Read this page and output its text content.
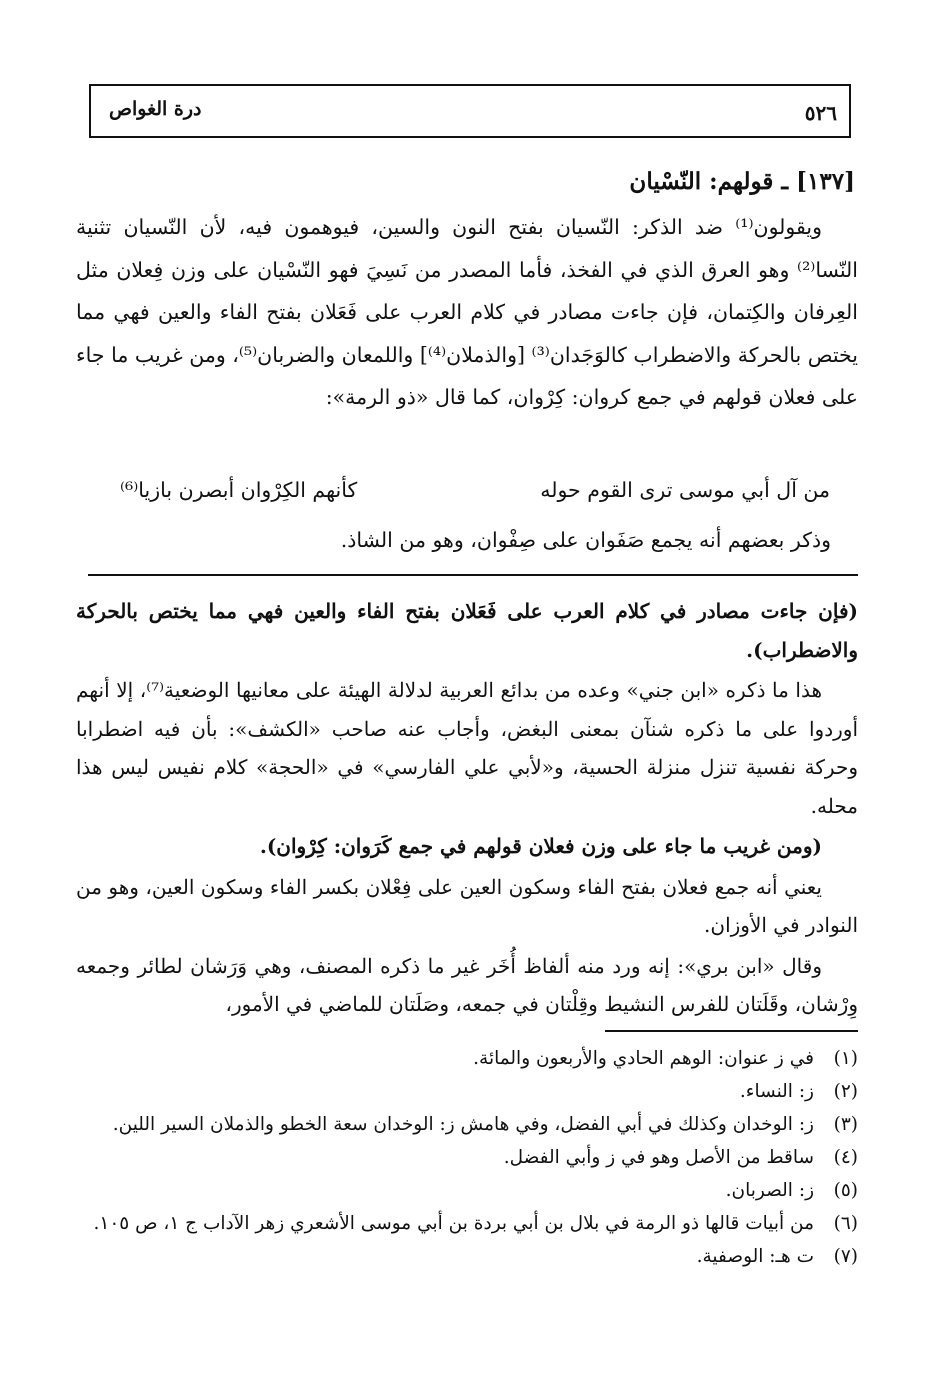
٥٢٦
درة الغواص
[١٣٧] ـ قولهم: النّسْيان

ويقولون⁽¹⁾ ضد الذكر: النّسيان بفتح النون والسين، فيوهمون فيه، لأن النّسيان تثنية النّسا⁽²⁾ وهو العرق الذي في الفخذ، فأما المصدر من نَسِيَ فهو النّسْيان على وزن فِعلان مثل العِرفان والكِتمان، فإن جاءت مصادر في كلام العرب على فَعَلان بفتح الفاء والعين فهي مما يختص بالحركة والاضطراب كالوَجَدان⁽³⁾ [والذملان⁽⁴⁾] واللمعان والضربان⁽⁵⁾، ومن غريب ما جاء على فعلان قولهم في جمع كروان: كِرْوان، كما قال «ذو الرمة»:

من آل أبي موسى ترى القوم حوله
كأنهم الكِرْوان أبصرن بازيا⁽⁶⁾
وذكر بعضهم أنه يجمع صَفَوان على صِفْوان، وهو من الشاذ.

(فإن جاءت مصادر في كلام العرب على فَعَلان بفتح الفاء والعين فهي مما يختص بالحركة والاضطراب).

هذا ما ذكره «ابن جني» وعده من بدائع العربية لدلالة الهيئة على معانيها الوضعية⁽⁷⁾، إلا أنهم أوردوا على ما ذكره شنآن بمعنى البغض، وأجاب عنه صاحب «الكشف»: بأن فيه اضطرابا وحركة نفسية تنزل منزلة الحسية، و«لأبي علي الفارسي» في «الحجة» كلام نفيس ليس هذا محله.

(ومن غريب ما جاء على وزن فعلان قولهم في جمع كَرَوان: كِرْوان).

يعني أنه جمع فعلان بفتح الفاء وسكون العين على فِعْلان بكسر الفاء وسكون العين، وهو من النوادر في الأوزان.

وقال «ابن بري»: إنه ورد منه ألفاظ أُخَر غير ما ذكره المصنف، وهي وَرَشان لطائر وجمعه وِرْشان، وقَلَتان للفرس النشيط وقِلْتان في جمعه، وصَلَتان للماضي في الأمور،

(١)
في ز عنوان: الوهم الحادي والأربعون والمائة.
(٢)
ز: النساء.
(٣)
ز: الوخدان وكذلك في أبي الفضل، وفي هامش ز: الوخدان سعة الخطو والذملان السير اللين.
(٤)
ساقط من الأصل وهو في ز وأبي الفضل.
(٥)
ز: الصربان.
(٦)
من أبيات قالها ذو الرمة في بلال بن أبي بردة بن أبي موسى الأشعري زهر الآداب ج ١، ص ١٠٥.
(٧)
ت هـ: الوصفية.
